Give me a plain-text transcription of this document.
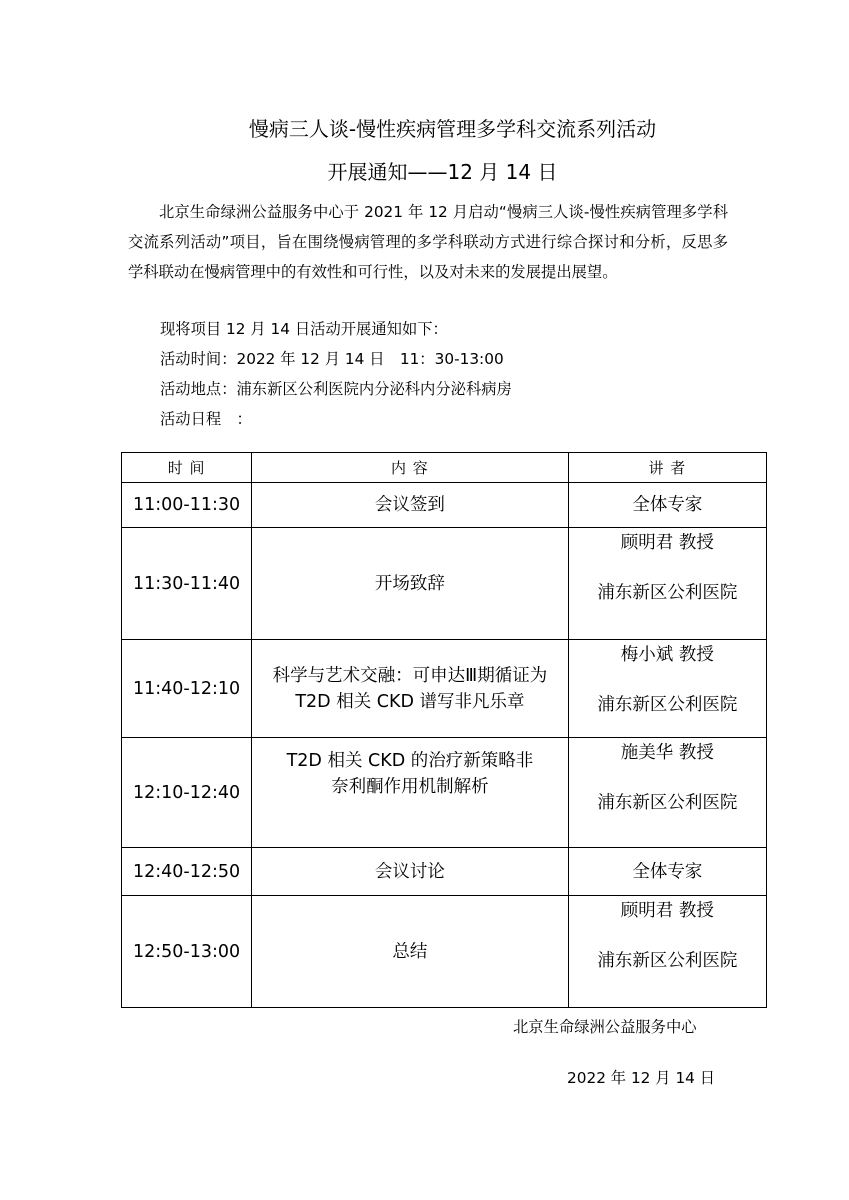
慢病三人谈-慢性疾病管理多学科交流系列活动
开展通知——12 月 14 日

北京生命绿洲公益服务中心于 2021 年 12 月启动“慢病三人谈-慢性疾病管理多学科交流系列活动”项目，旨在围绕慢病管理的多学科联动方式进行综合探讨和分析，反思多学科联动在慢病管理中的有效性和可行性，以及对未来的发展提出展望。

现将项目 12 月 14 日活动开展通知如下：
活动时间：2022 年 12 月 14 日　11：30-13:00
活动地点：浦东新区公利医院内分泌科内分泌科病房
活动日程　：
时 间	内 容	讲 者
11:00-11:30	会议签到	全体专家
11:30-11:40	开场致辞	顾明君 教授
浦东新区公利医院

11:40-12:10	科学与艺术交融：可申达Ⅲ期循证为 T2D 相关 CKD 谱写非凡乐章	梅小斌 教授
浦东新区公利医院

12:10-12:40	T2D 相关 CKD 的治疗新策略非奈利酮作用机制解析	施美华 教授
浦东新区公利医院

12:40-12:50	会议讨论	全体专家
12:50-13:00	总结	顾明君 教授
浦东新区公利医院
北京生命绿洲公益服务中心
2022 年 12 月 14 日
